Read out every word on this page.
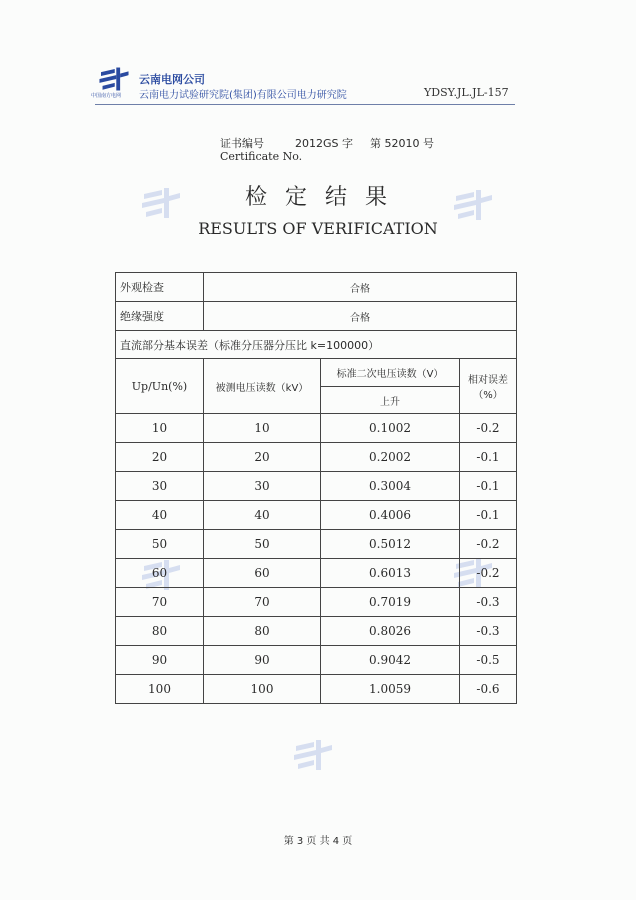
中国南方电网
云南电网公司
云南电力试验研究院(集团)有限公司电力研究院	YDSY.JL.JL-157
证书编号	2012GS 字 第 52010 号
Certificate No.
检定结果
RESULTS OF VERIFICATION
外观检查	合格		
绝缘强度	合格		
直流部分基本误差（标准分压器分压比 k=100000）			
Up/Un(%)	被测电压读数（kV）	标准二次电压读数（V）	相对误差
（%）

		上升	
10	10	0.1002	-0.2
20	20	0.2002	-0.1
30	30	0.3004	-0.1
40	40	0.4006	-0.1
50	50	0.5012	-0.2
60	60	0.6013	-0.2
70	70	0.7019	-0.3
80	80	0.8026	-0.3
90	90	0.9042	-0.5
100	100	1.0059	-0.6
第 3 页 共 4 页
